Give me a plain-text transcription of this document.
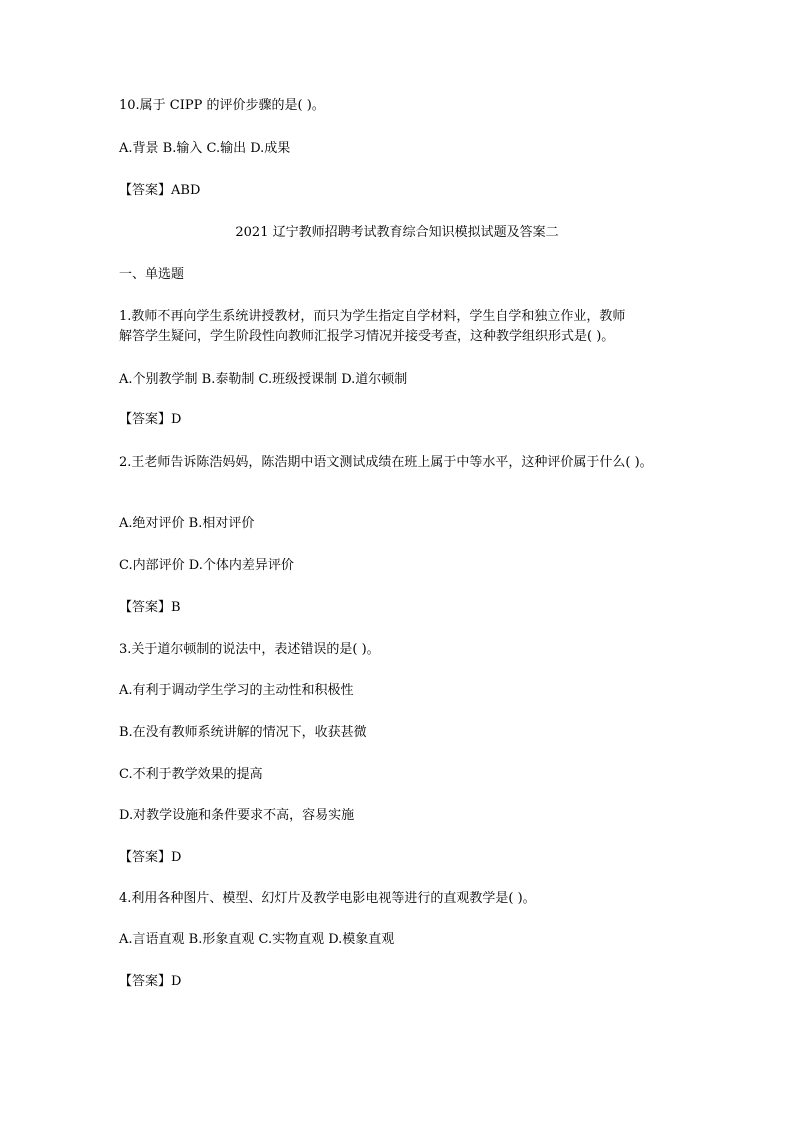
10.属于 CIPP 的评价步骤的是( )。

A.背景 B.输入 C.输出 D.成果

【答案】ABD

2021 辽宁教师招聘考试教育综合知识模拟试题及答案二

一、单选题

1.教师不再向学生系统讲授教材，而只为学生指定自学材料，学生自学和独立作业，教师

解答学生疑问，学生阶段性向教师汇报学习情况并接受考查，这种教学组织形式是( )。

A.个别教学制 B.泰勒制 C.班级授课制 D.道尔顿制

【答案】D

2.王老师告诉陈浩妈妈，陈浩期中语文测试成绩在班上属于中等水平，这种评价属于什么( )。

A.绝对评价 B.相对评价

C.内部评价 D.个体内差异评价

【答案】B

3.关于道尔顿制的说法中，表述错误的是( )。

A.有利于调动学生学习的主动性和积极性

B.在没有教师系统讲解的情况下，收获甚微

C.不利于教学效果的提高

D.对教学设施和条件要求不高，容易实施

【答案】D

4.利用各种图片、模型、幻灯片及教学电影电视等进行的直观教学是( )。

A.言语直观 B.形象直观 C.实物直观 D.模象直观

【答案】D
